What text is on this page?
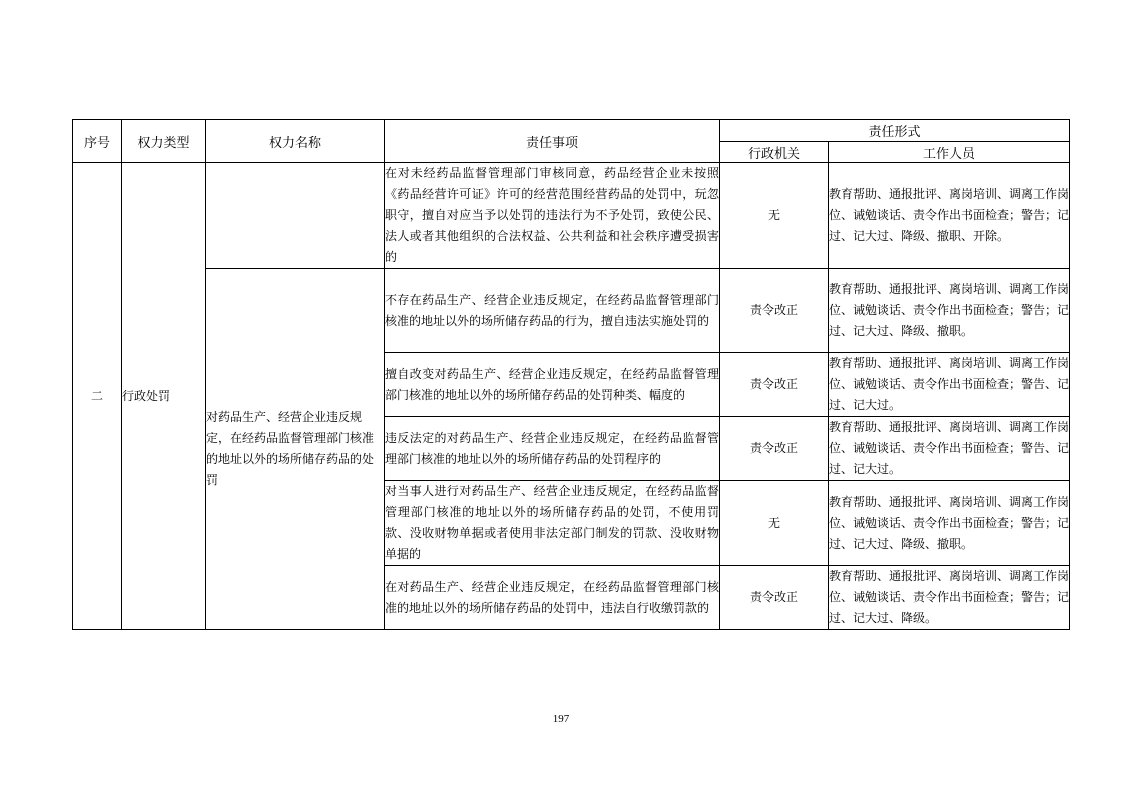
序号	权力类型	权力名称	责任事项	责任形式	
				行政机关	工作人员
二	行政处罚		在对未经药品监督管理部门审核同意，药品经营企业未按照《药品经营许可证》许可的经营范围经营药品的处罚中，玩忽职守，擅自对应当予以处罚的违法行为不予处罚，致使公民、法人或者其他组织的合法权益、公共利益和社会秩序遭受损害的	无	教育帮助、通报批评、离岗培训、调离工作岗位、诫勉谈话、责令作出书面检查；警告；记过、记大过、降级、撤职、开除。
		对药品生产、经营企业违反规定，在经药品监督管理部门核准的地址以外的场所储存药品的处罚	不存在药品生产、经营企业违反规定，在经药品监督管理部门核准的地址以外的场所储存药品的行为，擅自违法实施处罚的	责令改正	教育帮助、通报批评、离岗培训、调离工作岗位、诫勉谈话、责令作出书面检查；警告；记过、记大过、降级、撤职。
			擅自改变对药品生产、经营企业违反规定，在经药品监督管理部门核准的地址以外的场所储存药品的处罚种类、幅度的	责令改正	教育帮助、通报批评、离岗培训、调离工作岗位、诫勉谈话、责令作出书面检查；警告、记过、记大过。
			违反法定的对药品生产、经营企业违反规定，在经药品监督管理部门核准的地址以外的场所储存药品的处罚程序的	责令改正	教育帮助、通报批评、离岗培训、调离工作岗位、诫勉谈话、责令作出书面检查；警告、记过、记大过。
			对当事人进行对药品生产、经营企业违反规定，在经药品监督管理部门核准的地址以外的场所储存药品的处罚，不使用罚款、没收财物单据或者使用非法定部门制发的罚款、没收财物单据的	无	教育帮助、通报批评、离岗培训、调离工作岗位、诫勉谈话、责令作出书面检查；警告；记过、记大过、降级、撤职。
			在对药品生产、经营企业违反规定，在经药品监督管理部门核准的地址以外的场所储存药品的处罚中，违法自行收缴罚款的	责令改正	教育帮助、通报批评、离岗培训、调离工作岗位、诫勉谈话、责令作出书面检查；警告；记过、记大过、降级。
197
